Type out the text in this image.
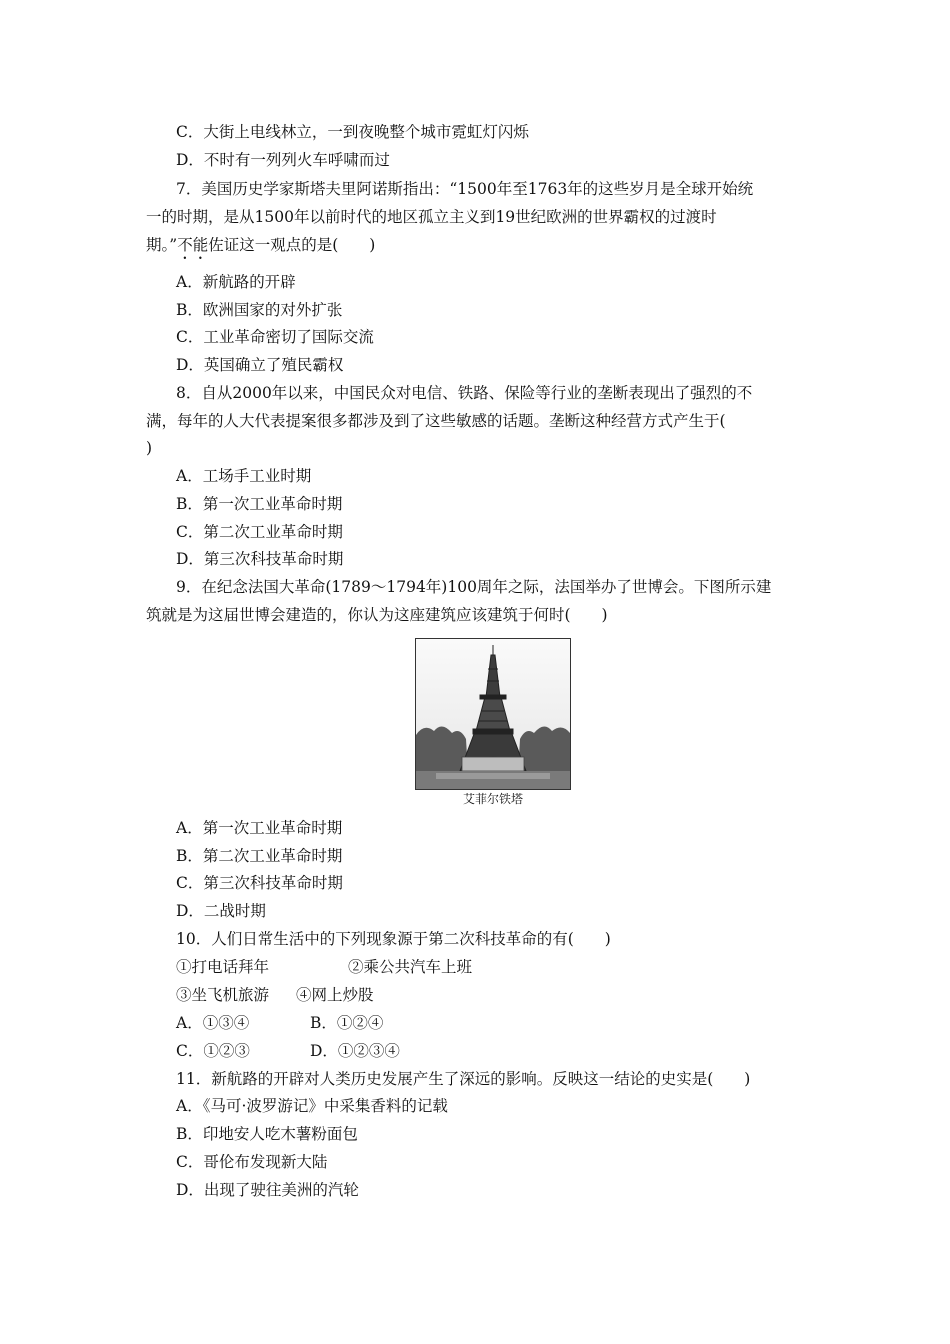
C．大街上电线林立，一到夜晚整个城市霓虹灯闪烁
D．不时有一列列火车呼啸而过
7．美国历史学家斯塔夫里阿诺斯指出：“1500年至1763年的这些岁月是全球开始统
一的时期，是从1500年以前时代的地区孤立主义到19世纪欧洲的世界霸权的过渡时
期。”不能佐证这一观点的是(　　)
A．新航路的开辟
B．欧洲国家的对外扩张
C．工业革命密切了国际交流
D．英国确立了殖民霸权
8．自从2000年以来，中国民众对电信、铁路、保险等行业的垄断表现出了强烈的不
满，每年的人大代表提案很多都涉及到了这些敏感的话题。垄断这种经营方式产生于(
)
A．工场手工业时期
B．第一次工业革命时期
C．第二次工业革命时期
D．第三次科技革命时期
9．在纪念法国大革命(1789～1794年)100周年之际，法国举办了世博会。下图所示建
筑就是为这届世博会建造的，你认为这座建筑应该建筑于何时(　　)
艾菲尔铁塔
A．第一次工业革命时期
B．第二次工业革命时期
C．第三次科技革命时期
D．二战时期
10．人们日常生活中的下列现象源于第二次科技革命的有(　　)
①打电话拜年	②乘公共汽车上班
③坐飞机旅游 ④网上炒股
A．①③④	B．①②④
C．①②③	D．①②③④
11．新航路的开辟对人类历史发展产生了深远的影响。反映这一结论的史实是(　　)
A．《马可·波罗游记》中采集香料的记载
B．印地安人吃木薯粉面包
C．哥伦布发现新大陆
D．出现了驶往美洲的汽轮
